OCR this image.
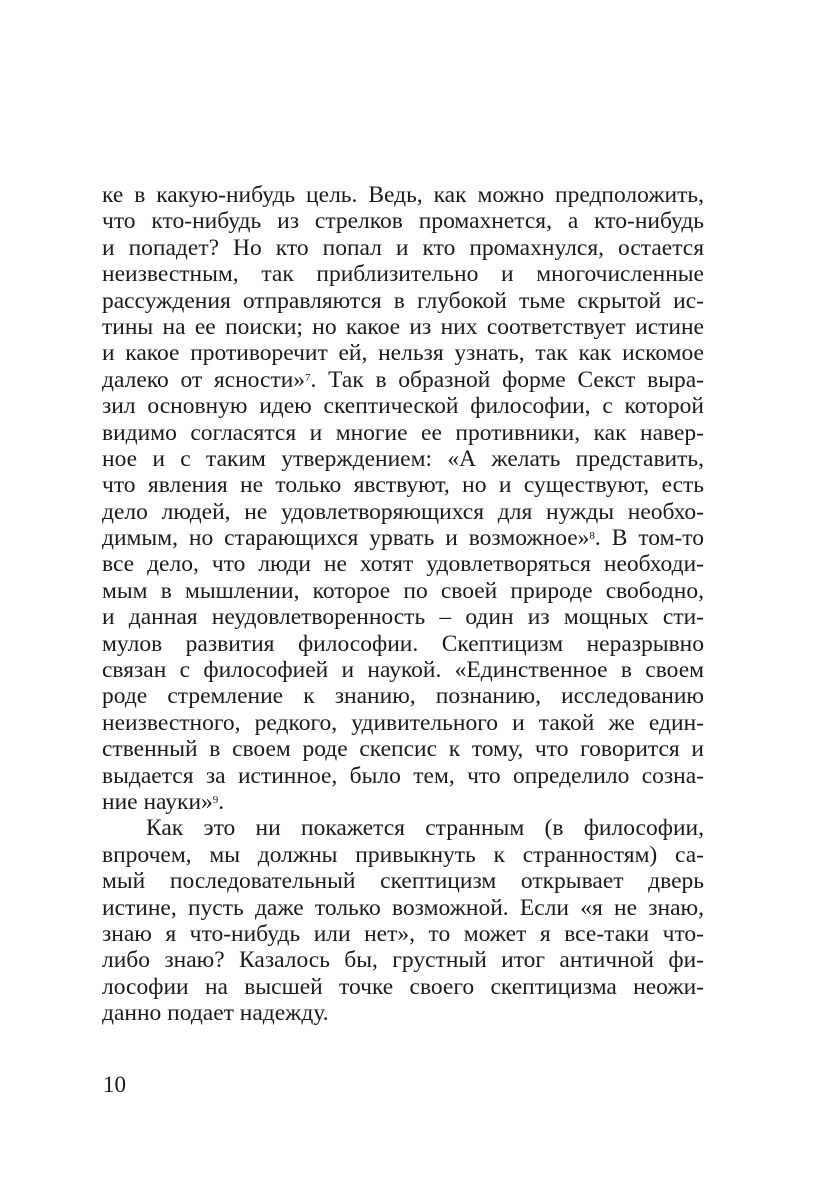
ке в какую-нибудь цель. Ведь, как можно предположить,
что кто-нибудь из стрелков промахнется, а кто-нибудь
и попадет? Но кто попал и кто промахнулся, остается
неизвестным, так приблизительно и многочисленные
рассуждения отправляются в глубокой тьме скрытой ис-
тины на ее поиски; но какое из них соответствует истине
и какое противоречит ей, нельзя узнать, так как искомое
далеко от ясности»$^7$. Так в образной форме Секст выра-
зил основную идею скептической философии, с которой
видимо согласятся и многие ее противники, как навер-
ное и с таким утверждением: «А желать представить,
что явления не только явствуют, но и существуют, есть
дело людей, не удовлетворяющихся для нужды необхо-
димым, но старающихся урвать и возможное»$^8$. В том-то
все дело, что люди не хотят удовлетворяться необходи-
мым в мышлении, которое по своей природе свободно,
и данная неудовлетворенность – один из мощных сти-
мулов развития философии. Скептицизм неразрывно
связан с философией и наукой. «Единственное в своем
роде стремление к знанию, познанию, исследованию
неизвестного, редкого, удивительного и такой же един-
ственный в своем роде скепсис к тому, что говорится и
выдается за истинное, было тем, что определило созна-
ние науки»$^9$.

Как это ни покажется странным (в философии,
впрочем, мы должны привыкнуть к странностям) са-
мый последовательный скептицизм открывает дверь
истине, пусть даже только возможной. Если «я не знаю,
знаю я что-нибудь или нет», то может я все-таки что-
либо знаю? Казалось бы, грустный итог античной фи-
лософии на высшей точке своего скептицизма неожи-
данно подает надежду.

10
